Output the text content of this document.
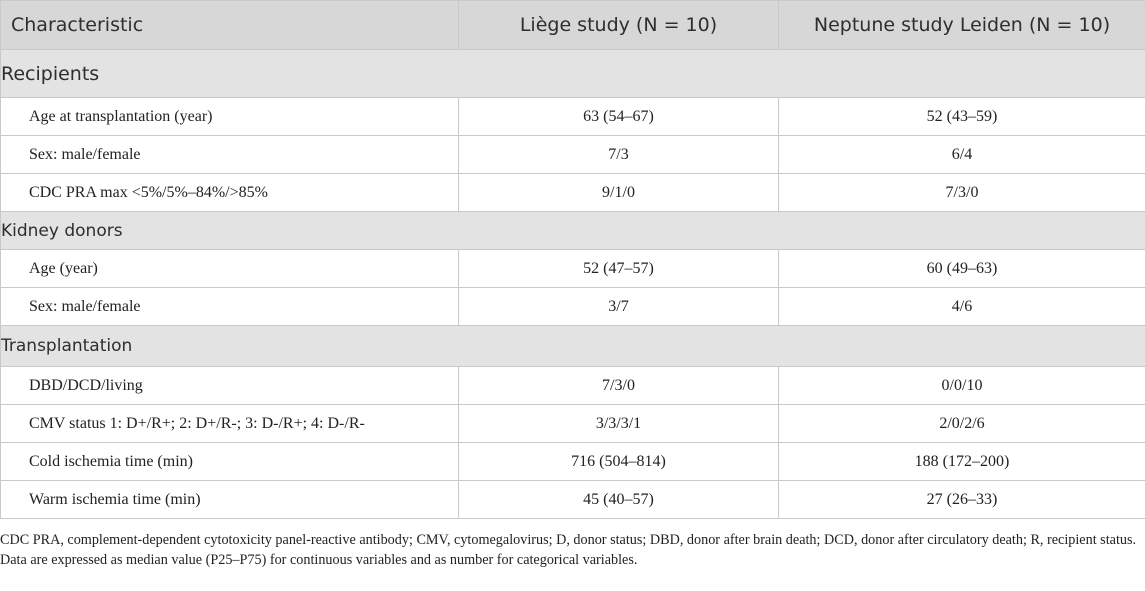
Characteristic	Liège study (N = 10)	Neptune study Leiden (N = 10)
Recipients		
Age at transplantation (year)	63 (54–67)	52 (43–59)
Sex: male/female	7/3	6/4
CDC PRA max <5%/5%–84%/>85%	9/1/0	7/3/0
Kidney donors		
Age (year)	52 (47–57)	60 (49–63)
Sex: male/female	3/7	4/6
Transplantation		
DBD/DCD/living	7/3/0	0/0/10
CMV status 1: D+/R+; 2: D+/R-; 3: D-/R+; 4: D-/R-	3/3/3/1	2/0/2/6
Cold ischemia time (min)	716 (504–814)	188 (172–200)
Warm ischemia time (min)	45 (40–57)	27 (26–33)

CDC PRA, complement-dependent cytotoxicity panel-reactive antibody; CMV, cytomegalovirus; D, donor status; DBD, donor after brain death; DCD, donor after circulatory death; R, recipient status.

Data are expressed as median value (P25–P75) for continuous variables and as number for categorical variables.
